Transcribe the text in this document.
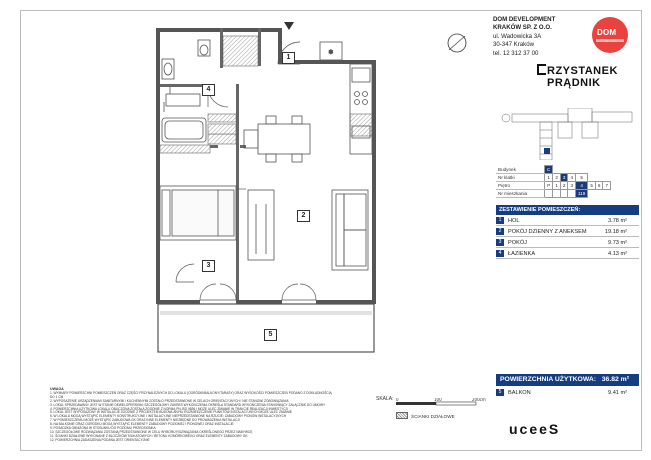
❄
1
2
3
4
5
DOM DEVELOPMENT
KRAKÓW SP. Z O.O.
ul. Wadowicka 3A
30-347 Kraków
tel. 12 312 37 00
DOM
RZYSTANEK
PRĄDNIK
Budynek	C							
Nr klatki	1	2	3	4	5			
Piętro	P	1	2	3	4	5	6	7
Nr mieszkania					119			
ZESTAWIENIE POMIESZCZEŃ:
1	HOL	3.78 m²
2	POKÓJ DZIENNY Z ANEKSEM	19.18 m²
3	POKÓJ	9.73 m²
4	ŁAZIENKA	4.13 m²
POWIERZCHNIA UŻYTKOWA: 36.82 m²
5	BALKON	9.41 m²
UWAGA
1. WYMIARY POWIERZCHNI POMIESZCZEŃ ORAZ CZĘŚCI PRZYNALEŻNYCH DO LOKALU (OGRÓDKI/BALKONY/TARASY) ORAZ WYSOKOŚCI POMIESZCZEŃ PODANO Z DOKŁADNOŚCIĄ DO 1 CM
2. WYPOSAŻENIE URZĄDZENIAMI SANITARNYMI I KUCHENNYMI ZOSTAŁO PRZEDSTAWIONE W CELACH ORIENTACYJNYCH I NIE STANOWI ZOBOWIĄZANIA
3. LOKAL SPRZEDAWANY JEST W STANIE DEWELOPERSKIM; SZCZEGÓŁOWY ZAKRES WYKOŃCZENIA OKREŚLA STANDARD WYKOŃCZENIA STANOWIĄCY ZAŁĄCZNIK DO UMOWY
4. POWIERZCHNIA UŻYTKOWA LOKALU OBLICZONA ZOSTAŁA ZGODNIE Z NORMĄ PN-ISO 9836 I MOŻE ULEC ZMIANIE W TRAKCIE REALIZACJI INWESTYCJI
5. LOKAL JEST WYPOSAŻONY W INSTALACJE ZGODNIE Z PROJEKTEM BUDOWLANYM; ROZMIESZCZENIE PUNKTÓW INSTALACYJNYCH MOŻE ULEC ZMIANIE
6. W LOKALU MOGĄ WYSTĄPIĆ ELEMENTY KONSTRUKCYJNE I INSTALACYJNE NIEPRZEDSTAWIONE NA RZUCIE; ZABUDOWY PIONÓW INSTALACYJNYCH
7. W POMIESZCZENIU MOŻE WYSTĄPIĆ ZABUDOWA GK ORAZ INNE ELEMENTY NIEZBĘDNE DO PROWADZENIA INSTALACJI
8. NA BALKONIE ORAZ OGRÓDKU MOGĄ WYSTĄPIĆ ELEMENTY ZABUDOWY POZIOMEJ I PIONOWEJ ORAZ INSTALACJE
9. POSADZKA OBNIŻONA W STOSUNKU DO POZIOMU PRZEDSIONKA
10. SZCZEGÓŁOWE ROZWIĄZANIA ZOSTANĄ PRZEDSTAWIONE W CELU WYBORU ROZWIĄZANIA OKREŚLONEGO PRZEZ NABYWCĘ
11. ŚCIANKI DZIAŁOWE WYKONANE Z BLOCZKÓW SILIKATOWYCH / BETONU KOMÓRKOWEGO ORAZ ELEMENTY ZABUDOWY GK
12. POWIERZCHNIA ZADASZENIA PODANA JEST ORIENTACYJNIE
SKALA: 0	100	200cm
ŚCIANKI DZIAŁOWE
uceeS
